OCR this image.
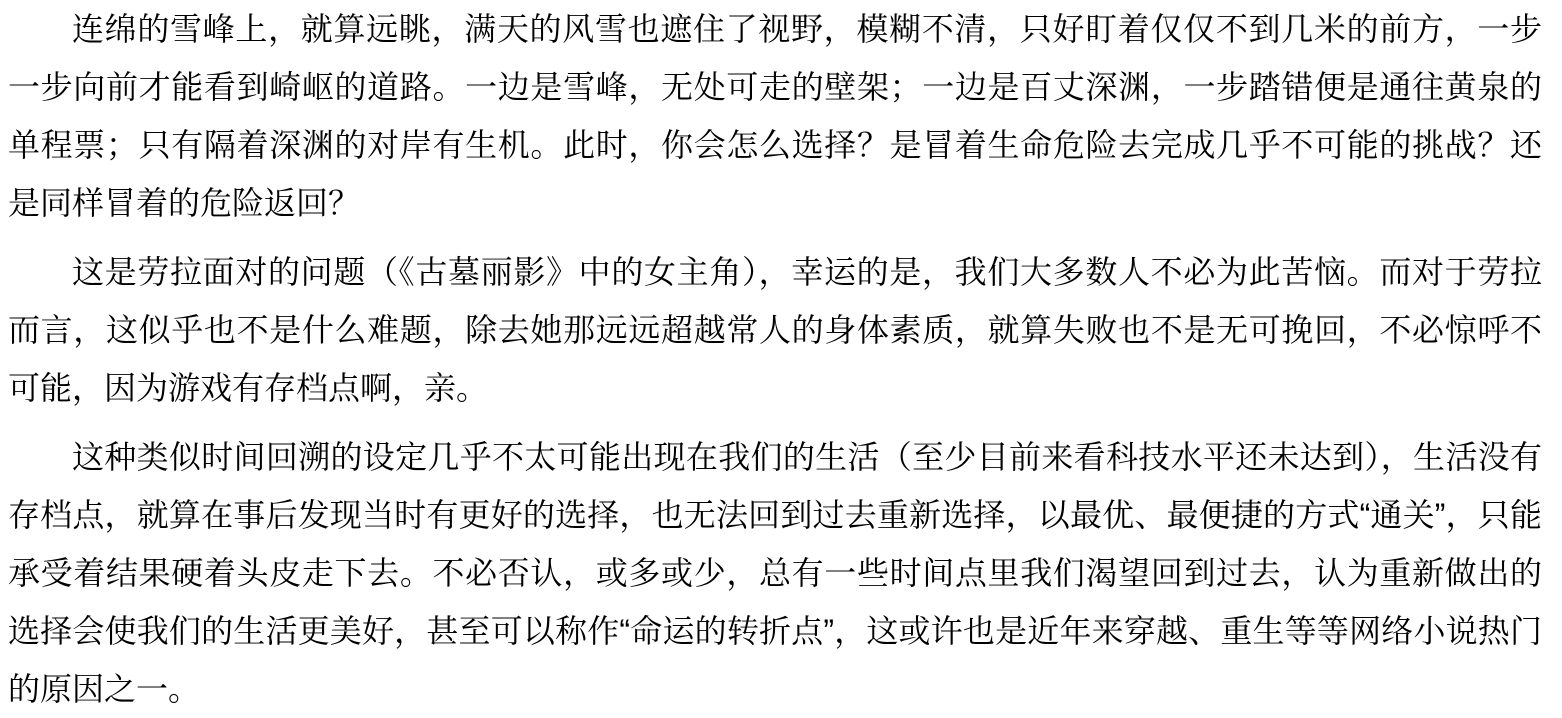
连绵的雪峰上，就算远眺，满天的风雪也遮住了视野，模糊不清，只好盯着仅仅不到几米的前方，一步一步向前才能看到崎岖的道路。一边是雪峰，无处可走的壁架；一边是百丈深渊，一步踏错便是通往黄泉的单程票；只有隔着深渊的对岸有生机。此时，你会怎么选择？是冒着生命危险去完成几乎不可能的挑战？还是同样冒着的危险返回？

这是劳拉面对的问题（《古墓丽影》中的女主角），幸运的是，我们大多数人不必为此苦恼。而对于劳拉而言，这似乎也不是什么难题，除去她那远远超越常人的身体素质，就算失败也不是无可挽回，不必惊呼不可能，因为游戏有存档点啊，亲。

这种类似时间回溯的设定几乎不太可能出现在我们的生活（至少目前来看科技水平还未达到），生活没有存档点，就算在事后发现当时有更好的选择，也无法回到过去重新选择，以最优、最便捷的方式“通关”，只能承受着结果硬着头皮走下去。不必否认，或多或少，总有一些时间点里我们渴望回到过去，认为重新做出的选择会使我们的生活更美好，甚至可以称作“命运的转折点”，这或许也是近年来穿越、重生等等网络小说热门的原因之一。
